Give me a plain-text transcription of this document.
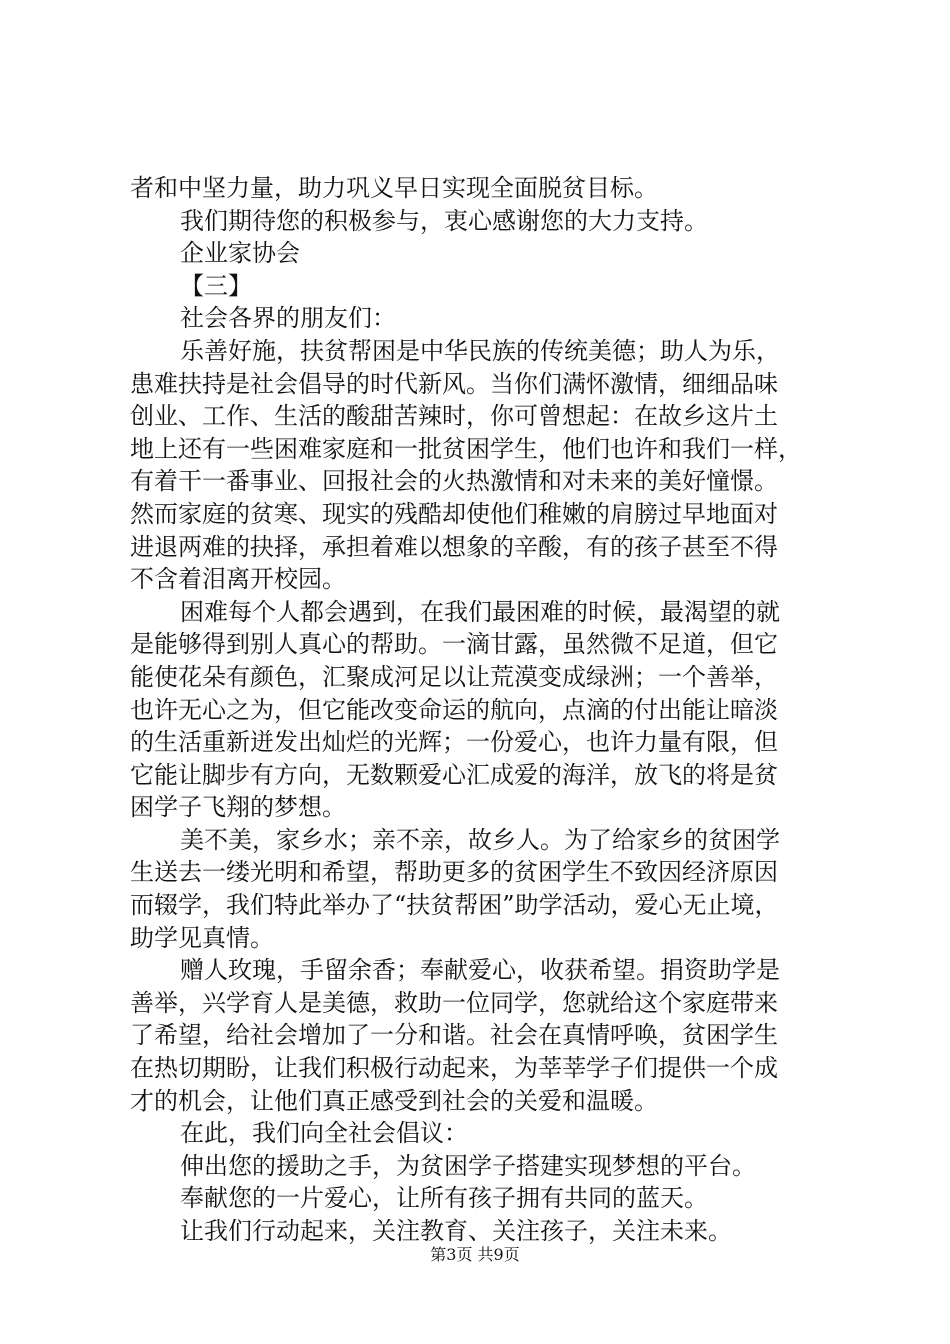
者和中坚力量，助力巩义早日实现全面脱贫目标。
我们期待您的积极参与，衷心感谢您的大力支持。
企业家协会
【三】
社会各界的朋友们：
乐善好施，扶贫帮困是中华民族的传统美德；助人为乐，
患难扶持是社会倡导的时代新风。当你们满怀激情，细细品味
创业、工作、生活的酸甜苦辣时，你可曾想起：在故乡这片土
地上还有一些困难家庭和一批贫困学生，他们也许和我们一样，
有着干一番事业、回报社会的火热激情和对未来的美好憧憬。
然而家庭的贫寒、现实的残酷却使他们稚嫩的肩膀过早地面对
进退两难的抉择，承担着难以想象的辛酸，有的孩子甚至不得
不含着泪离开校园。
困难每个人都会遇到，在我们最困难的时候，最渴望的就
是能够得到别人真心的帮助。一滴甘露，虽然微不足道，但它
能使花朵有颜色，汇聚成河足以让荒漠变成绿洲；一个善举，
也许无心之为，但它能改变命运的航向，点滴的付出能让暗淡
的生活重新迸发出灿烂的光辉；一份爱心，也许力量有限，但
它能让脚步有方向，无数颗爱心汇成爱的海洋，放飞的将是贫
困学子飞翔的梦想。
美不美，家乡水；亲不亲，故乡人。为了给家乡的贫困学
生送去一缕光明和希望，帮助更多的贫困学生不致因经济原因
而辍学，我们特此举办了“扶贫帮困”助学活动，爱心无止境，
助学见真情。
赠人玫瑰，手留余香；奉献爱心，收获希望。捐资助学是
善举，兴学育人是美德，救助一位同学，您就给这个家庭带来
了希望，给社会增加了一分和谐。社会在真情呼唤，贫困学生
在热切期盼，让我们积极行动起来，为莘莘学子们提供一个成
才的机会，让他们真正感受到社会的关爱和温暖。
在此，我们向全社会倡议：
伸出您的援助之手，为贫困学子搭建实现梦想的平台。
奉献您的一片爱心，让所有孩子拥有共同的蓝天。
让我们行动起来，关注教育、关注孩子，关注未来。
第3页 共9页
